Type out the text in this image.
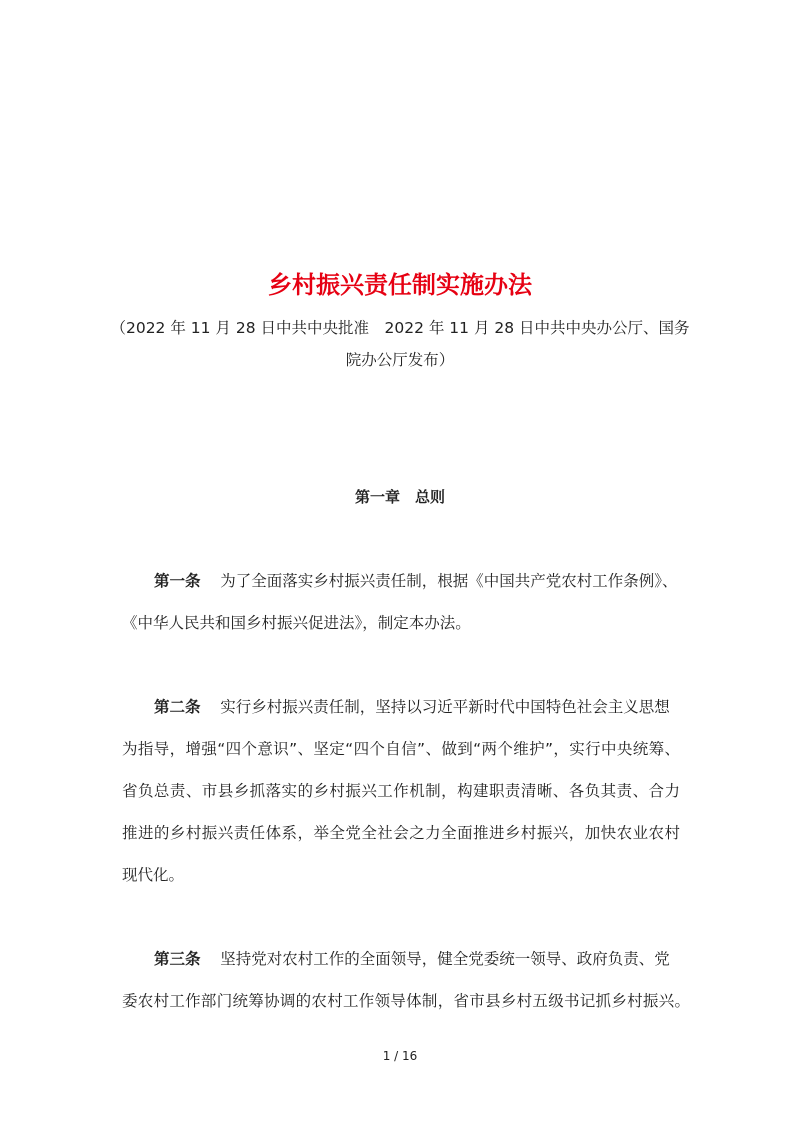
乡村振兴责任制实施办法
（2022 年 11 月 28 日中共中央批准　2022 年 11 月 28 日中共中央办公厅、国务
院办公厅发布）
第一章　总则
第一条 为了全面落实乡村振兴责任制，根据《中国共产党农村工作条例》、
《中华人民共和国乡村振兴促进法》，制定本办法。
第二条 实行乡村振兴责任制，坚持以习近平新时代中国特色社会主义思想
为指导，增强“四个意识”、坚定“四个自信”、做到“两个维护”，实行中央统筹、
省负总责、市县乡抓落实的乡村振兴工作机制，构建职责清晰、各负其责、合力
推进的乡村振兴责任体系，举全党全社会之力全面推进乡村振兴，加快农业农村
现代化。
第三条 坚持党对农村工作的全面领导，健全党委统一领导、政府负责、党
委农村工作部门统筹协调的农村工作领导体制，省市县乡村五级书记抓乡村振兴。
1 / 16
